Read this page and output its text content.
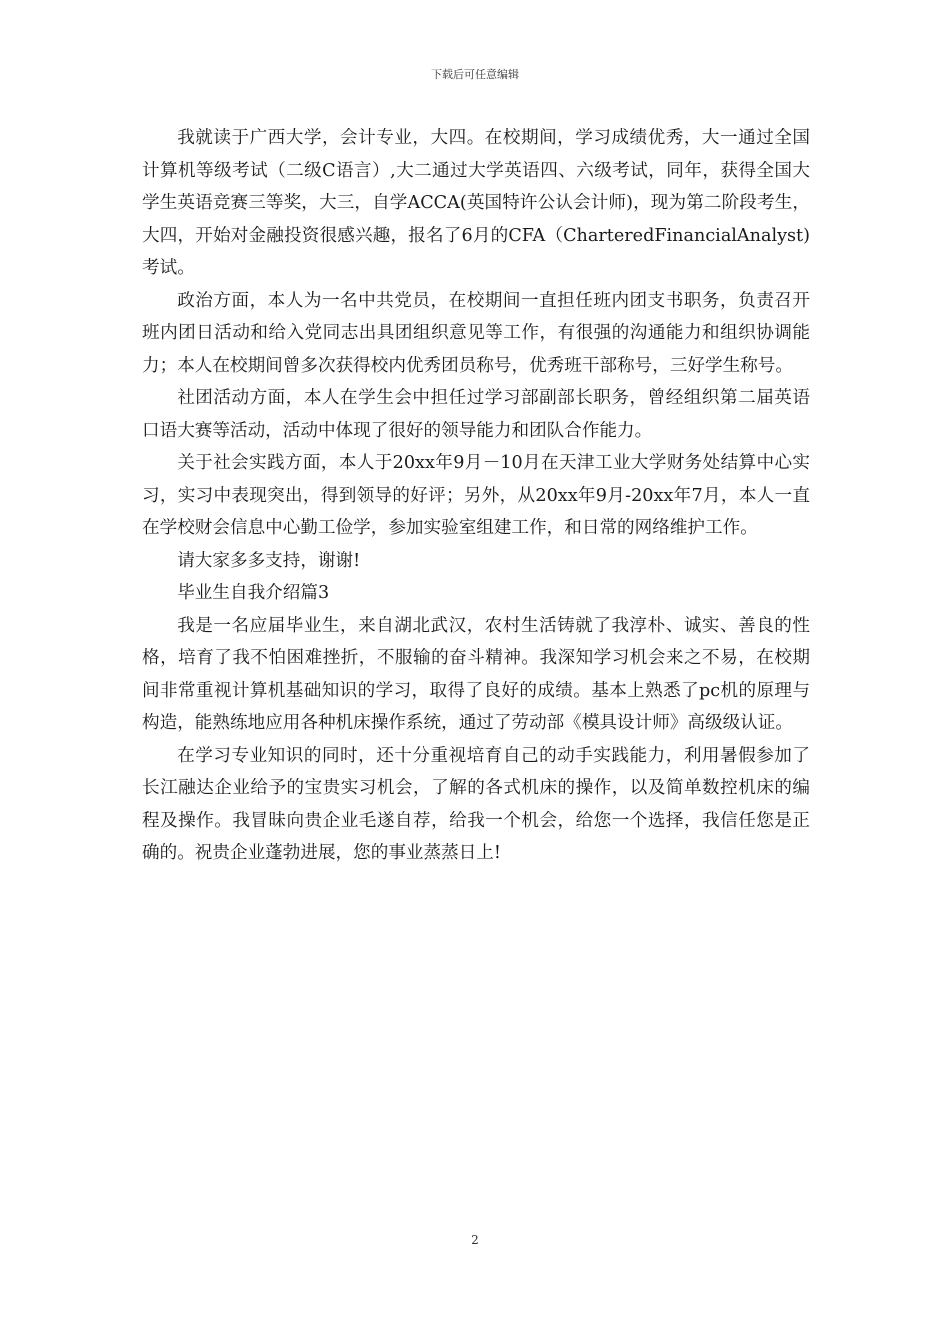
下载后可任意编辑

我就读于广西大学，会计专业，大四。在校期间，学习成绩优秀，大一通过全国计算机等级考试（二级C语言）,大二通过大学英语四、六级考试，同年，获得全国大学生英语竞赛三等奖，大三，自学ACCA(英国特许公认会计师)，现为第二阶段考生，大四，开始对金融投资很感兴趣，报名了6月的CFA（CharteredFinancialAnalyst)考试。

政治方面，本人为一名中共党员，在校期间一直担任班内团支书职务，负责召开班内团日活动和给入党同志出具团组织意见等工作，有很强的沟通能力和组织协调能力；本人在校期间曾多次获得校内优秀团员称号，优秀班干部称号，三好学生称号。

社团活动方面，本人在学生会中担任过学习部副部长职务，曾经组织第二届英语口语大赛等活动，活动中体现了很好的领导能力和团队合作能力。

关于社会实践方面，本人于20xx年9月－10月在天津工业大学财务处结算中心实习，实习中表现突出，得到领导的好评；另外，从20xx年9月-20xx年7月，本人一直在学校财会信息中心勤工俭学，参加实验室组建工作，和日常的网络维护工作。

请大家多多支持，谢谢!

毕业生自我介绍篇3

我是一名应届毕业生，来自湖北武汉，农村生活铸就了我淳朴、诚实、善良的性格，培育了我不怕困难挫折，不服输的奋斗精神。我深知学习机会来之不易，在校期间非常重视计算机基础知识的学习，取得了良好的成绩。基本上熟悉了pc机的原理与构造，能熟练地应用各种机床操作系统，通过了劳动部《模具设计师》高级级认证。

在学习专业知识的同时，还十分重视培育自己的动手实践能力，利用暑假参加了长江融达企业给予的宝贵实习机会，了解的各式机床的操作，以及简单数控机床的编程及操作。我冒昧向贵企业毛遂自荐，给我一个机会，给您一个选择，我信任您是正确的。祝贵企业蓬勃进展，您的事业蒸蒸日上!

2
